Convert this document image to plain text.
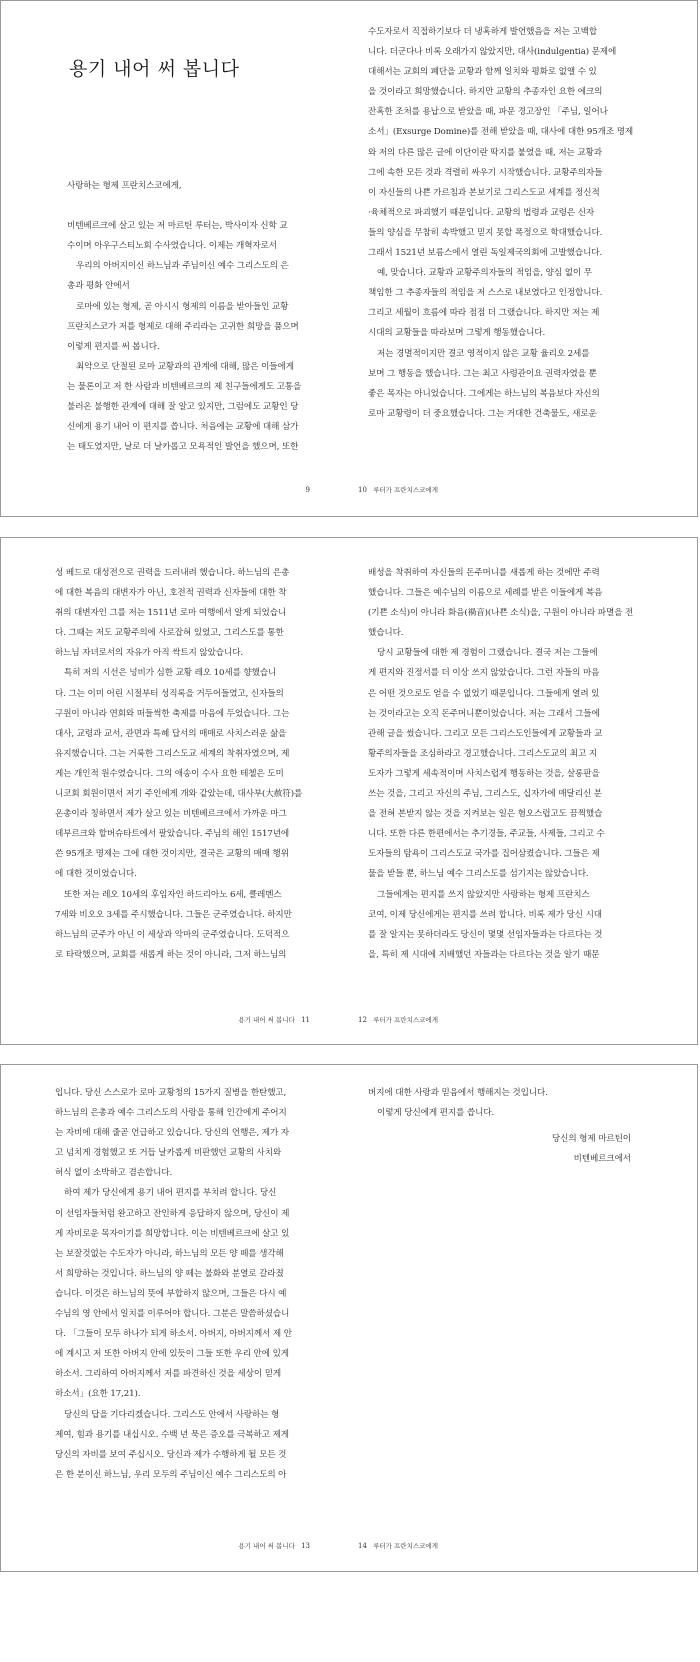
용기 내어 써 봅니다

사랑하는 형제 프란치스코에게,

비텐베르크에 살고 있는 저 마르틴 루터는, 박사이자 신학 교

수이며 아우구스티노회 수사였습니다. 이제는 개혁자로서

우리의 아버지이신 하느님과 주님이신 예수 그리스도의 은

총과 평화 안에서

로마에 있는 형제, 곧 아시시 형제의 이름을 받아들인 교황

프란치스코가 저를 형제로 대해 주리라는 고귀한 희망을 품으며

이렇게 편지를 써 봅니다.

최악으로 단절된 로마 교황과의 관계에 대해, 많은 이들에게

는 물론이고 저 한 사람과 비텐베르크의 제 친구들에게도 고통을

불러온 불행한 관계에 대해 잘 알고 있지만, 그럼에도 교황인 당

신에게 용기 내어 이 편지를 씁니다. 처음에는 교황에 대해 삼가

는 태도였지만, 날로 더 날카롭고 모욕적인 발언을 했으며, 또한

9

수도자로서 직접하기보다 더 냉혹하게 발언했음을 저는 고백합

니다. 더군다나 비록 오래가지 않았지만, 대사(indulgentia) 문제에

대해서는 교회의 폐단을 교황과 함께 일치와 평화로 없앨 수 있

을 것이라고 희망했습니다. 하지만 교황의 추종자인 요한 에크의

잔혹한 조처를 용납으로 받았을 때, 파문 경고장인 「주님, 일어나

소서」(Exsurge Domine)를 전해 받았을 때, 대사에 대한 95개조 명제

와 저의 다른 많은 글에 이단이란 딱지를 붙였을 때, 저는 교황과

그에 속한 모든 것과 격렬히 싸우기 시작했습니다. 교황주의자들

이 자신들의 나쁜 가르침과 본보기로 그리스도교 세계를 정신적

·육체적으로 파괴했기 때문입니다. 교황의 법령과 교령은 신자

들의 양심을 무참히 속박했고 믿지 못할 폭정으로 학대했습니다.

그래서 1521년 보름스에서 열린 독일제국의회에 고발했습니다.

예, 맞습니다. 교황과 교황주의자들의 적임을, 양심 없이 무

책임한 그 추종자들의 적임을 저 스스로 내보였다고 인정합니다.

그리고 세월이 흐름에 따라 점점 더 그랬습니다. 하지만 저는 제

시대의 교황들을 따라보며 그렇게 행동했습니다.

저는 경멸적이지만 결코 영적이지 않은 교황 율리오 2세를

보며 그 행동을 했습니다. 그는 최고 사령관이요 권력자였을 뿐

좋은 목자는 아니었습니다. 그에게는 하느님의 복음보다 자신의

로마 교황령이 더 중요했습니다. 그는 거대한 건축물도, 새로운

10 루터가 프란치스코에게

성 베드로 대성전으로 권력을 드러내려 했습니다. 하느님의 은총

에 대한 복음의 대변자가 아닌, 호전적 권력과 신자들에 대한 착

취의 대변자인 그를 저는 1511년 로마 여행에서 알게 되었습니

다. 그때는 저도 교황주의에 사로잡혀 있었고, 그리스도를 통한

하느님 자녀로서의 자유가 아직 싹트지 않았습니다.

특히 저의 시선은 넝비가 심한 교황 레오 10세를 향했습니

다. 그는 이미 어린 시절부터 성직록을 거두어들였고, 신자들의

구원이 아니라 연회와 떠들썩한 축제를 마음에 두었습니다. 그는

대사, 교령과 교서, 관면과 특혜 답서의 매매로 사치스러운 삶을

유지했습니다. 그는 거룩한 그리스도교 세계의 착취자였으며, 제

게는 개인적 원수였습니다. 그의 애송이 수사 요한 테첼은 도미

니코회 회원이면서 저기 주인에게 개와 같았는데, 대사부(大赦符)를

온총이라 칭하면서 제가 살고 있는 비텐베르크에서 가까운 마그

데부르크와 할버슈타트에서 팔았습니다. 주님의 해인 1517년에

쓴 95개조 명제는 그에 대한 것이지만, 결국은 교황의 매매 행위

에 대한 것이었습니다.

또한 저는 레오 10세의 후임자인 하드리아노 6세, 클레멘스

7세와 비오오 3세를 주시했습니다. 그들은 군주였습니다. 하지만

하느님의 군주가 아닌 이 세상과 악마의 군주였습니다. 도덕적으

로 타락했으며, 교회를 새롭게 하는 것이 아니라, 그저 하느님의

용기 내어 써 봅니다 11

배성을 착취하여 자신들의 돈주머니를 새롭게 하는 것에만 주력

했습니다. 그들은 예수님의 이름으로 세례를 받은 이들에게 복음

(기쁜 소식)이 아니라 화음(禍音)(나쁜 소식)을, 구원이 아니라 파멸을 전

했습니다.

당시 교황들에 대한 제 경험이 그랬습니다. 결국 저는 그들에

게 편지와 진정서를 더 이상 쓰지 않았습니다. 그런 자들의 마음

은 어떤 것으로도 얻을 수 없었기 때문입니다. 그들에게 열려 있

는 것이라고는 오직 돈주머니뿐이었습니다. 저는 그래서 그들에

관해 글을 썼습니다. 그리고 모든 그리스도인들에게 교황들과 교

황주의자들을 조심하라고 경고했습니다. 그리스도교의 최고 지

도자가 그렇게 세속적이며 사치스럽게 행동하는 것을, 살롱판을

쓰는 것을, 그리고 자신의 주님, 그리스도, 십자가에 매달리신 분

을 전혀 본받지 않는 것을 지켜보는 일은 혐오스럽고도 끔찍했습

니다. 또한 다른 한편에서는 추기경들, 주교들, 사제들, 그리고 수

도자들의 탐욕이 그리스도교 국가를 집어삼켰습니다. 그들은 제

물을 받들 뿐, 하느님 예수 그리스도를 섬기지는 않았습니다.

그들에게는 편지를 쓰지 않았지만 사랑하는 형제 프란치스

코여, 이제 당신에게는 편지를 쓰려 합니다. 비록 제가 당신 시대

를 잘 알지는 못하더라도 당신이 몇몇 선임자들과는 다르다는 것

을, 특히 제 시대에 지배했던 자들과는 다르다는 것을 알기 때문

12 루터가 프란치스코에게

입니다. 당신 스스로가 로마 교황청의 15가지 질병을 한탄했고,

하느님의 은총과 예수 그리스도의 사랑을 통해 인간에게 주어지

는 자비에 대해 줄곧 언급하고 있습니다. 당신의 언행은, 제가 자

고 넘치게 경험했고 또 거듭 날카롭게 비판했던 교황의 사치와

허식 없이 소박하고 겸손합니다.

하여 제가 당신에게 용기 내어 편지를 부치려 합니다. 당신

이 선임자들처럼 완고하고 잔인하게 응답하지 않으며, 당신이 제

게 자비로운 목자이기를 희망합니다. 이는 비텐베르크에 살고 있

는 보잘것없는 수도자가 아니라, 하느님의 모든 양 떼를 생각해

서 희망하는 것입니다. 하느님의 양 떼는 불화와 분열로 갈라졌

습니다. 이것은 하느님의 뜻에 부합하지 않으며, 그들은 다시 예

수님의 영 안에서 일치를 이루어야 합니다. 그분은 말씀하셨습니

다. 「그들이 모두 하나가 되게 하소서. 아버지, 아버지께서 제 안

에 계시고 저 또한 아버지 안에 있듯이 그들 또한 우리 안에 있게

하소서. 그리하여 아버지께서 저를 파견하신 것을 세상이 믿게

하소서」(요한 17,21).

당신의 답을 기다리겠습니다. 그리스도 안에서 사랑하는 형

제여, 힘과 용기를 내십시오. 수백 년 묵은 증오를 극복하고 제게

당신의 자비를 보여 주십시오. 당신과 제가 수행하게 될 모든 것

은 한 분이신 하느님, 우리 모두의 주님이신 예수 그리스도의 아

용기 내어 써 봅니다 13

버지에 대한 사랑과 믿음에서 행해지는 것입니다.

이렇게 당신에게 편지를 씁니다.

당신의 형제 마르틴이

비텐베르크에서

14 루터가 프란치스코에게
